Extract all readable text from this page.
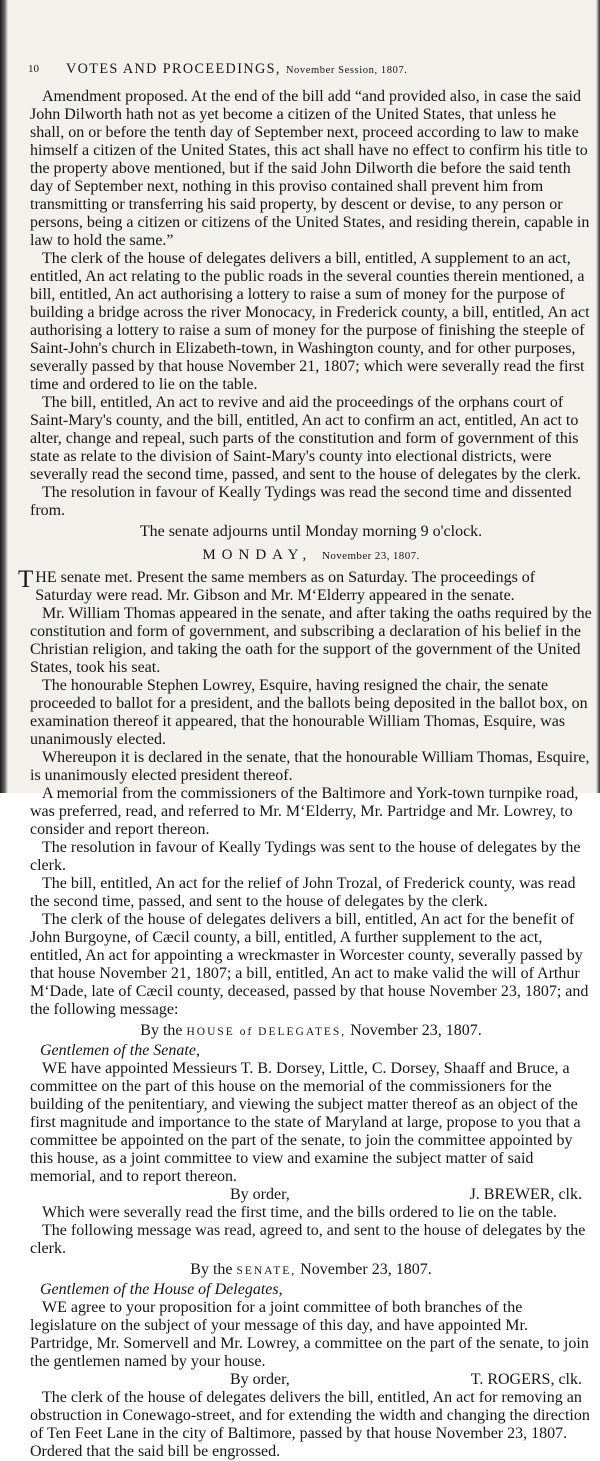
10 VOTES AND PROCEEDINGS, November Session, 1807.

Amendment proposed. At the end of the bill add “and provided also, in case the said John Dilworth hath not as yet become a citizen of the United States, that unless he shall, on or before the tenth day of September next, proceed according to law to make himself a citizen of the United States, this act shall have no effect to confirm his title to the property above mentioned, but if the said John Dilworth die before the said tenth day of September next, nothing in this proviso contained shall prevent him from transmitting or transferring his said property, by descent or devise, to any person or persons, being a citizen or citizens of the United States, and residing therein, capable in law to hold the same.”

The clerk of the house of delegates delivers a bill, entitled, A supplement to an act, entitled, An act relating to the public roads in the several counties therein mentioned, a bill, entitled, An act authorising a lottery to raise a sum of money for the purpose of building a bridge across the river Monocacy, in Frederick county, a bill, entitled, An act authorising a lottery to raise a sum of money for the purpose of finishing the steeple of Saint-John's church in Elizabeth-town, in Washington county, and for other purposes, severally passed by that house November 21, 1807; which were severally read the first time and ordered to lie on the table.

The bill, entitled, An act to revive and aid the proceedings of the orphans court of Saint-Mary's county, and the bill, entitled, An act to confirm an act, entitled, An act to alter, change and repeal, such parts of the constitution and form of government of this state as relate to the division of Saint-Mary's county into electional districts, were severally read the second time, passed, and sent to the house of delegates by the clerk.

The resolution in favour of Keally Tydings was read the second time and dissented from.

The senate adjourns until Monday morning 9 o'clock.

MONDAY, November 23, 1807.

T HE senate met. Present the same members as on Saturday. The proceedings of Saturday were read. Mr. Gibson and Mr. M‘Elderry appeared in the senate.

Mr. William Thomas appeared in the senate, and after taking the oaths required by the constitution and form of government, and subscribing a declaration of his belief in the Christian religion, and taking the oath for the support of the government of the United States, took his seat.

The honourable Stephen Lowrey, Esquire, having resigned the chair, the senate proceeded to ballot for a president, and the ballots being deposited in the ballot box, on examination thereof it appeared, that the honourable William Thomas, Esquire, was unanimously elected.

Whereupon it is declared in the senate, that the honourable William Thomas, Esquire, is unanimously elected president thereof.

A memorial from the commissioners of the Baltimore and York-town turnpike road, was preferred, read, and referred to Mr. M‘Elderry, Mr. Partridge and Mr. Lowrey, to consider and report thereon.

The resolution in favour of Keally Tydings was sent to the house of delegates by the clerk.

The bill, entitled, An act for the relief of John Trozal, of Frederick county, was read the second time, passed, and sent to the house of delegates by the clerk.

The clerk of the house of delegates delivers a bill, entitled, An act for the benefit of John Burgoyne, of Cæcil county, a bill, entitled, A further supplement to the act, entitled, An act for appointing a wreckmaster in Worcester county, severally passed by that house November 21, 1807; a bill, entitled, An act to make valid the will of Arthur M‘Dade, late of Cæcil county, deceased, passed by that house November 23, 1807; and the following message:

By the HOUSE of DELEGATES, November 23, 1807.

Gentlemen of the Senate,

WE have appointed Messieurs T. B. Dorsey, Little, C. Dorsey, Shaaff and Bruce, a committee on the part of this house on the memorial of the commissioners for the building of the penitentiary, and viewing the subject matter thereof as an object of the first magnitude and importance to the state of Maryland at large, propose to you that a committee be appointed on the part of the senate, to join the committee appointed by this house, as a joint committee to view and examine the subject matter of said memorial, and to report thereon.

By order,	J. BREWER, clk.

Which were severally read the first time, and the bills ordered to lie on the table.

The following message was read, agreed to, and sent to the house of delegates by the clerk.

By the SENATE, November 23, 1807.

Gentlemen of the House of Delegates,

WE agree to your proposition for a joint committee of both branches of the legislature on the subject of your message of this day, and have appointed Mr. Partridge, Mr. Somervell and Mr. Lowrey, a committee on the part of the senate, to join the gentlemen named by your house.

By order,	T. ROGERS, clk.

The clerk of the house of delegates delivers the bill, entitled, An act for removing an obstruction in Conewago-street, and for extending the width and changing the direction of Ten Feet Lane in the city of Baltimore, passed by that house November 23, 1807. Ordered that the said bill be engrossed.
